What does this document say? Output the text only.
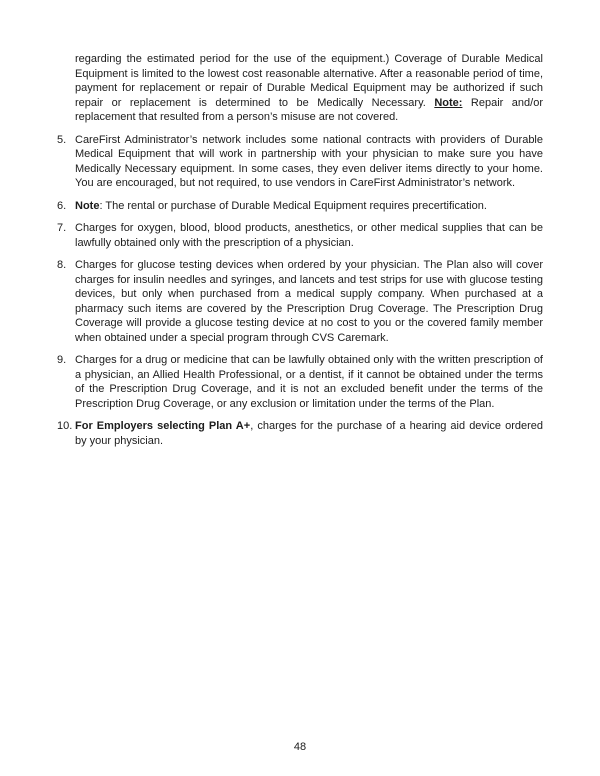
regarding the estimated period for the use of the equipment.) Coverage of Durable Medical Equipment is limited to the lowest cost reasonable alternative. After a reasonable period of time, payment for replacement or repair of Durable Medical Equipment may be authorized if such repair or replacement is determined to be Medically Necessary. Note: Repair and/or replacement that resulted from a person’s misuse are not covered.

5. CareFirst Administrator’s network includes some national contracts with providers of Durable Medical Equipment that will work in partnership with your physician to make sure you have Medically Necessary equipment. In some cases, they even deliver items directly to your home. You are encouraged, but not required, to use vendors in CareFirst Administrator’s network.
6. Note: The rental or purchase of Durable Medical Equipment requires precertification.
7. Charges for oxygen, blood, blood products, anesthetics, or other medical supplies that can be lawfully obtained only with the prescription of a physician.
8. Charges for glucose testing devices when ordered by your physician. The Plan also will cover charges for insulin needles and syringes, and lancets and test strips for use with glucose testing devices, but only when purchased from a medical supply company. When purchased at a pharmacy such items are covered by the Prescription Drug Coverage. The Prescription Drug Coverage will provide a glucose testing device at no cost to you or the covered family member when obtained under a special program through CVS Caremark.
9. Charges for a drug or medicine that can be lawfully obtained only with the written prescription of a physician, an Allied Health Professional, or a dentist, if it cannot be obtained under the terms of the Prescription Drug Coverage, and it is not an excluded benefit under the terms of the Prescription Drug Coverage, or any exclusion or limitation under the terms of the Plan.
10. For Employers selecting Plan A+, charges for the purchase of a hearing aid device ordered by your physician.
48
